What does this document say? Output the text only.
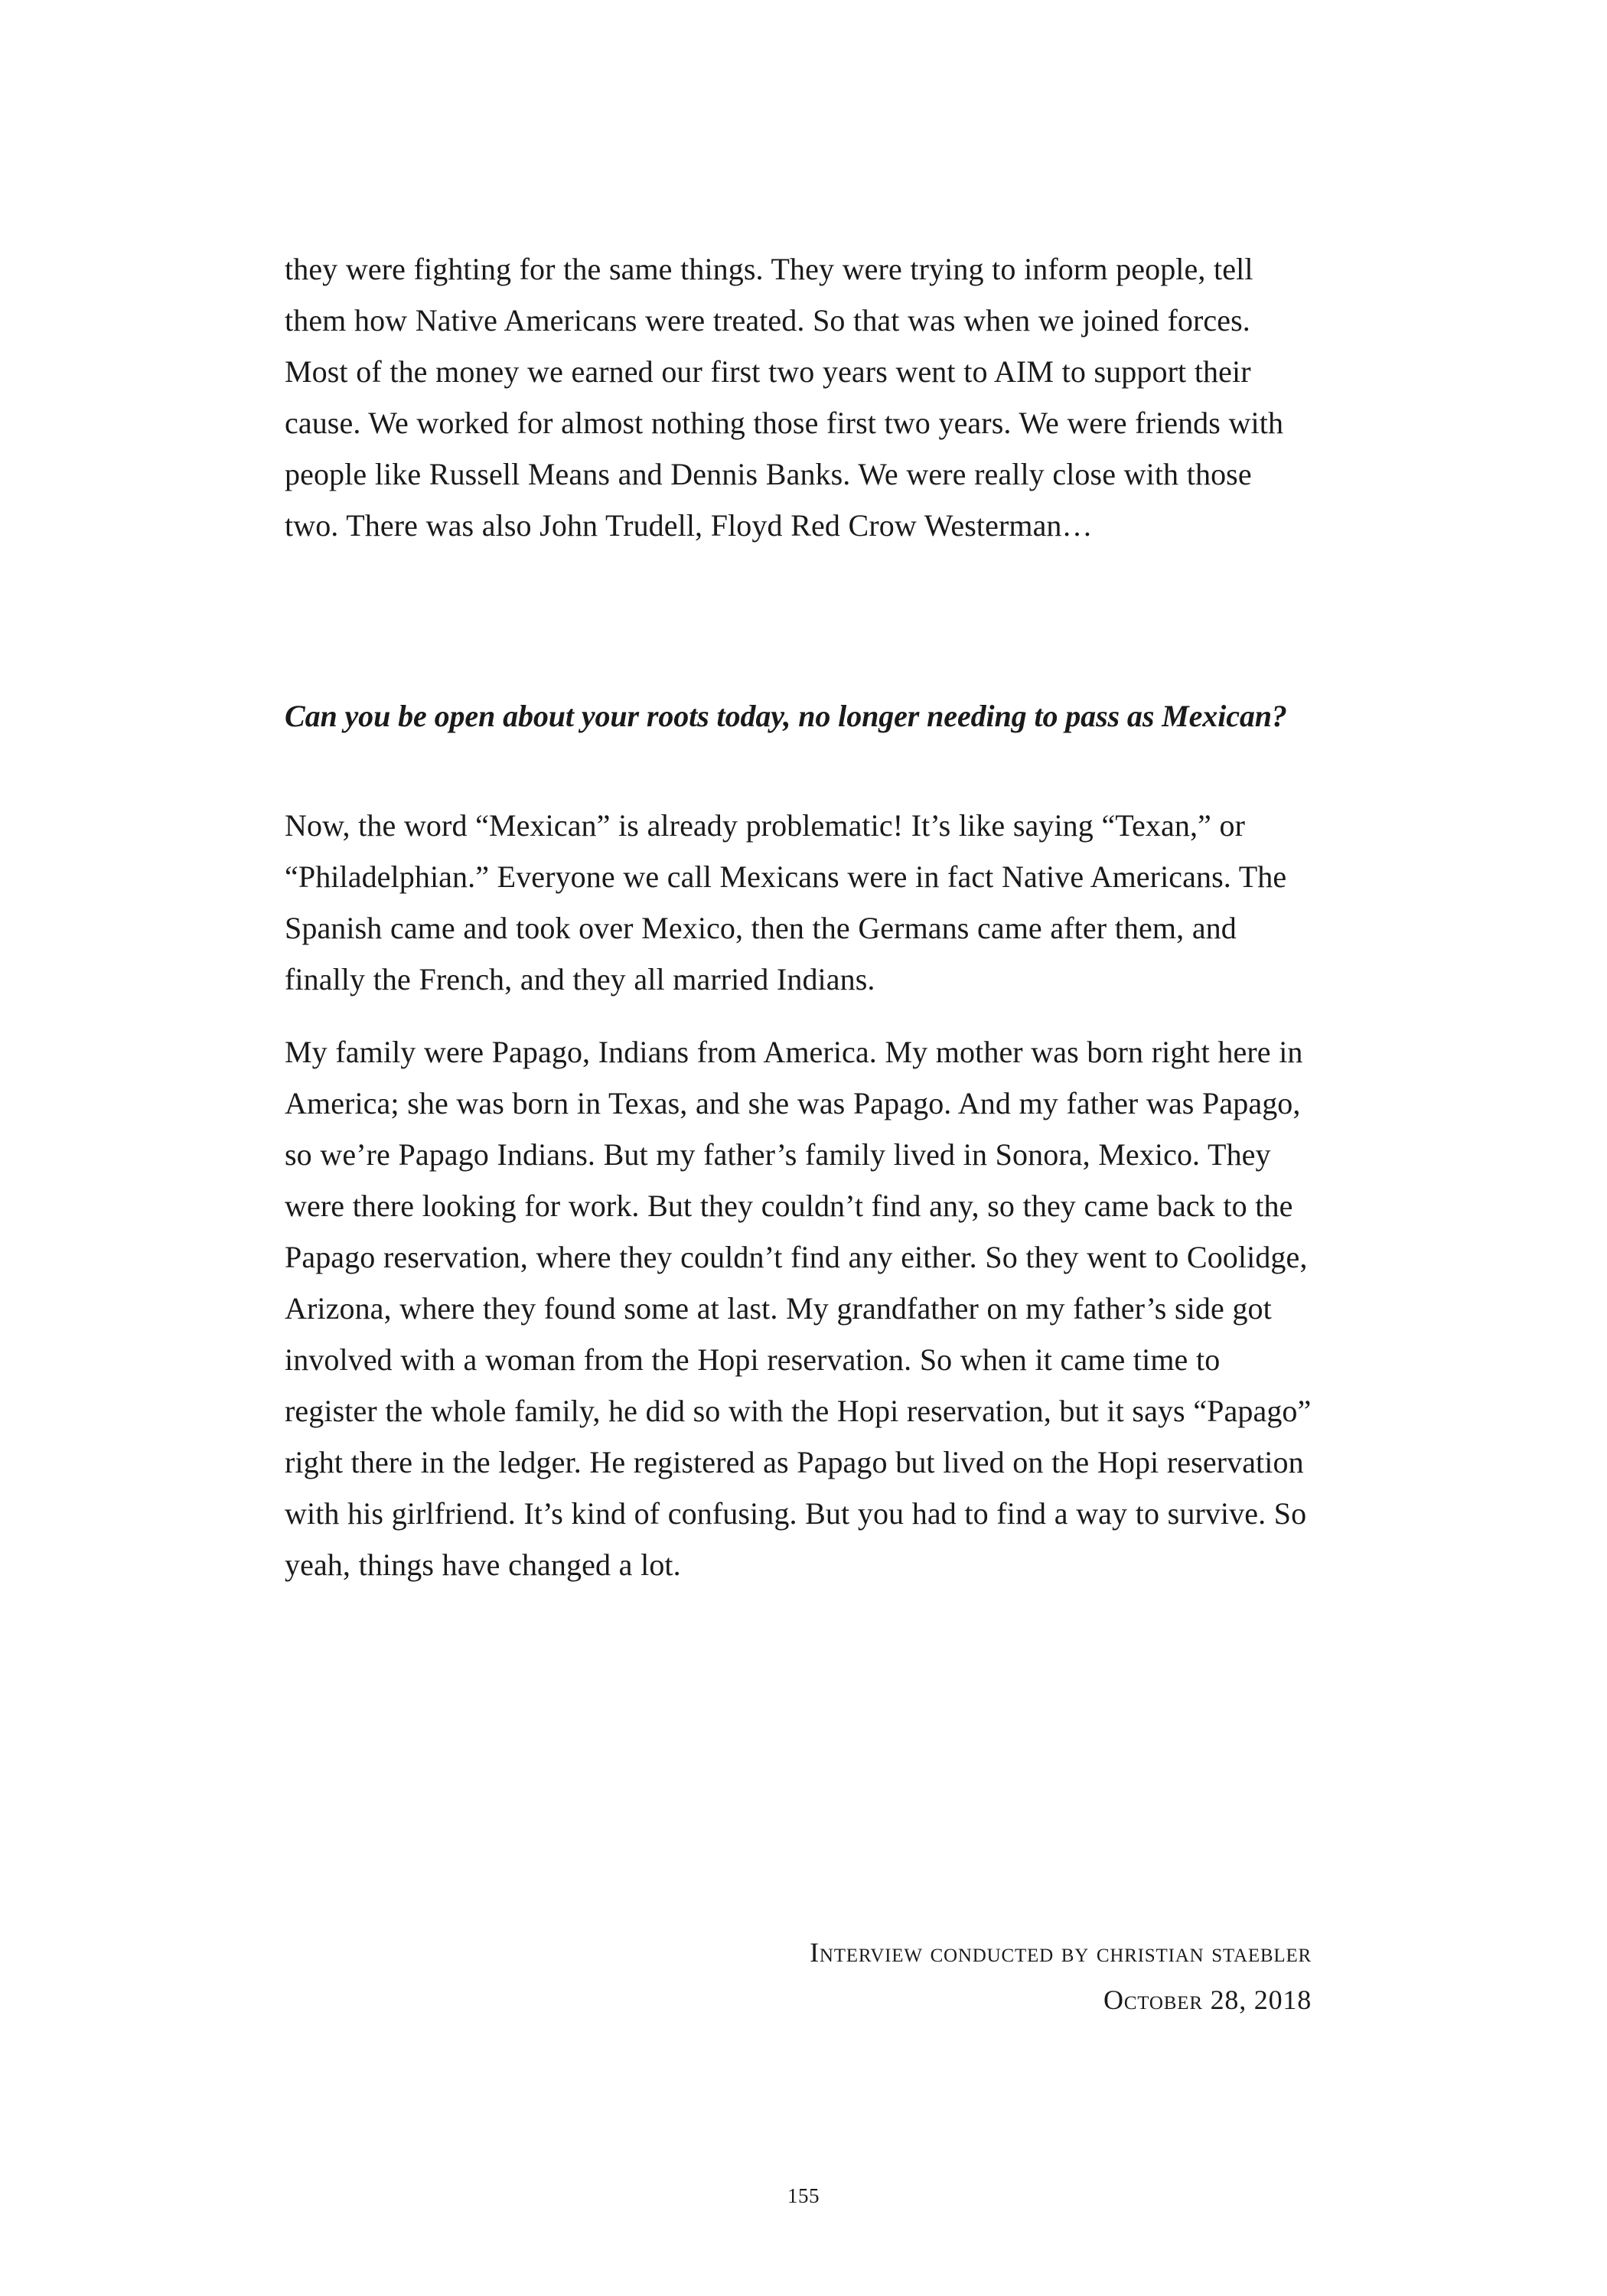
they were fighting for the same things. They were trying to inform people, tell them how Native Americans were treated. So that was when we joined forces. Most of the money we earned our first two years went to AIM to support their cause. We worked for almost nothing those first two years. We were friends with people like Russell Means and Dennis Banks. We were really close with those two. There was also John Trudell, Floyd Red Crow Westerman…

Can you be open about your roots today, no longer needing to pass as Mexican?

Now, the word “Mexican” is already problematic! It’s like saying “Texan,” or “Philadelphian.” Everyone we call Mexicans were in fact Native Americans. The Spanish came and took over Mexico, then the Germans came after them, and finally the French, and they all married Indians.

My family were Papago, Indians from America. My mother was born right here in America; she was born in Texas, and she was Papago. And my father was Papago, so we’re Papago Indians. But my father’s family lived in Sonora, Mexico. They were there looking for work. But they couldn’t find any, so they came back to the Papago reservation, where they couldn’t find any either. So they went to Coolidge, Arizona, where they found some at last. My grandfather on my father’s side got involved with a woman from the Hopi reservation. So when it came time to register the whole family, he did so with the Hopi reservation, but it says “Papago” right there in the ledger. He registered as Papago but lived on the Hopi reservation with his girlfriend. It’s kind of confusing. But you had to find a way to survive. So yeah, things have changed a lot.

Interview conducted by christian staebler

October 28, 2018

155
